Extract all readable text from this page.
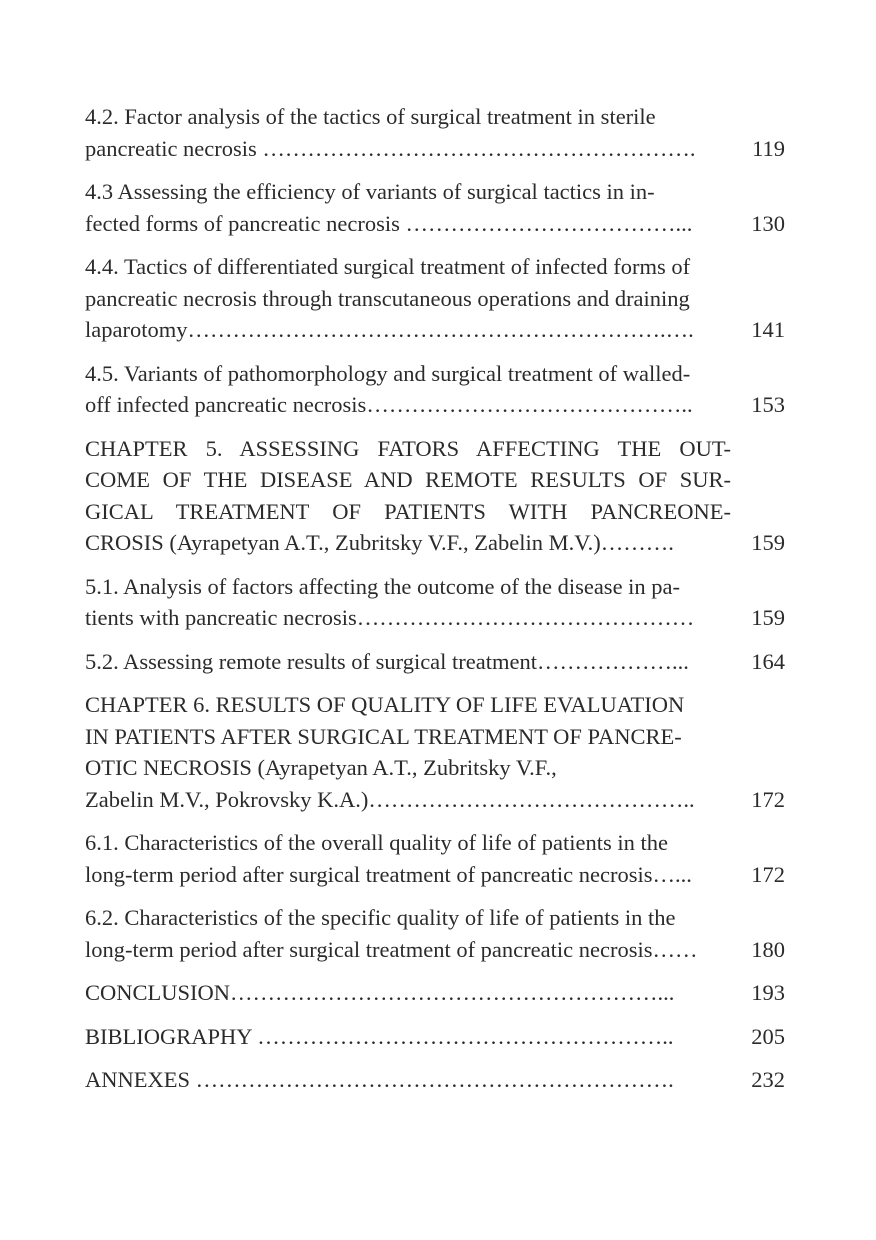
4.2. Factor analysis of the tactics of surgical treatment in sterile
pancreatic necrosis ………………………………………………….	119
4.3 Assessing the efficiency of variants of surgical tactics in in-
fected forms of pancreatic necrosis ………………………………...	130
4.4. Tactics of differentiated surgical treatment of infected forms of
pancreatic necrosis through transcutaneous operations and draining
laparotomy……………………………………………………….….	141
4.5. Variants of pathomorphology and surgical treatment of walled-
off infected pancreatic necrosis……………………………………..	153
CHAPTER 5. ASSESSING FATORS AFFECTING THE OUT-
COME OF THE DISEASE AND REMOTE RESULTS OF SUR-
GICAL TREATMENT OF PATIENTS WITH PANCREONE-
CROSIS (Ayrapetyan A.T., Zubritsky V.F., Zabelin M.V.)……….	159
5.1. Analysis of factors affecting the outcome of the disease in pa-
tients with pancreatic necrosis………………………………………	159
5.2. Assessing remote results of surgical treatment………………...	164
CHAPTER 6. RESULTS OF QUALITY OF LIFE EVALUATION
IN PATIENTS AFTER SURGICAL TREATMENT OF PANCRE-
OTIC NECROSIS (Ayrapetyan A.T., Zubritsky V.F.,
Zabelin M.V., Pokrovsky K.A.)……………………………………..	172
6.1. Characteristics of the overall quality of life of patients in the
long-term period after surgical treatment of pancreatic necrosis…...	172
6.2. Characteristics of the specific quality of life of patients in the
long-term period after surgical treatment of pancreatic necrosis……	180
CONCLUSION…………………………………………………...	193
BIBLIOGRAPHY ………………………………………………..	205
ANNEXES ……………………………………………………….	232
